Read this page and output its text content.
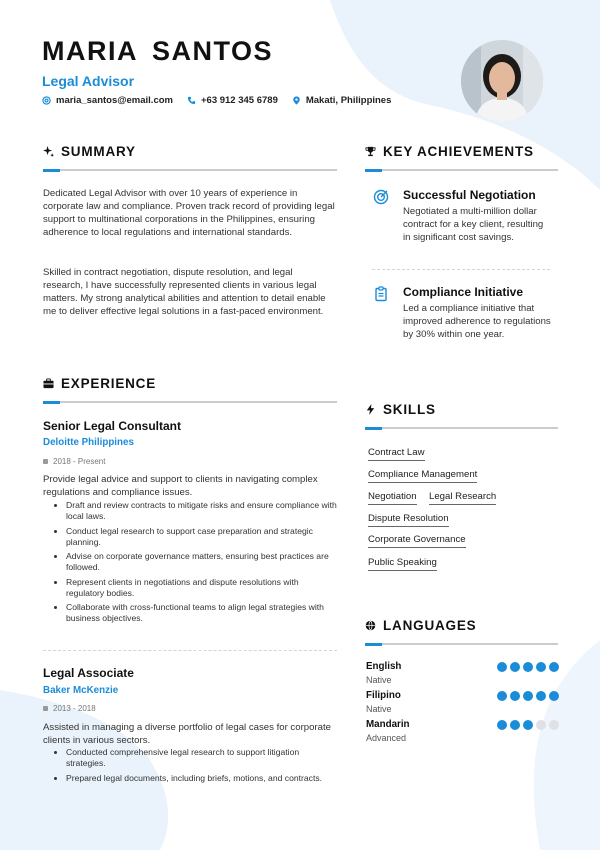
MARIA SANTOS
Legal Advisor
maria_santos@email.com	+63 912 345 6789	Makati, Philippines
SUMMARY
Dedicated Legal Advisor with over 10 years of experience in corporate law and compliance. Proven track record of providing legal support to multinational corporations in the Philippines, ensuring adherence to local regulations and international standards.
Skilled in contract negotiation, dispute resolution, and legal research, I have successfully represented clients in various legal matters. My strong analytical abilities and attention to detail enable me to deliver effective legal solutions in a fast-paced environment.
EXPERIENCE
Senior Legal Consultant
Deloitte Philippines
2018 - Present
Provide legal advice and support to clients in navigating complex regulations and compliance issues.
• Draft and review contracts to mitigate risks and ensure compliance with local laws.
• Conduct legal research to support case preparation and strategic planning.
• Advise on corporate governance matters, ensuring best practices are followed.
• Represent clients in negotiations and dispute resolutions with regulatory bodies.
• Collaborate with cross-functional teams to align legal strategies with business objectives.
Legal Associate
Baker McKenzie
2013 - 2018
Assisted in managing a diverse portfolio of legal cases for corporate clients in various sectors.
• Conducted comprehensive legal research to support litigation strategies.
• Prepared legal documents, including briefs, motions, and contracts.
KEY ACHIEVEMENTS
Successful Negotiation
Negotiated a multi-million dollar contract for a key client, resulting in significant cost savings.
Compliance Initiative
Led a compliance initiative that improved adherence to regulations by 30% within one year.
SKILLS
Contract Law
Compliance Management
Negotiation Legal Research
Dispute Resolution
Corporate Governance
Public Speaking
LANGUAGES
English
Native
Filipino
Native
Mandarin
Advanced
